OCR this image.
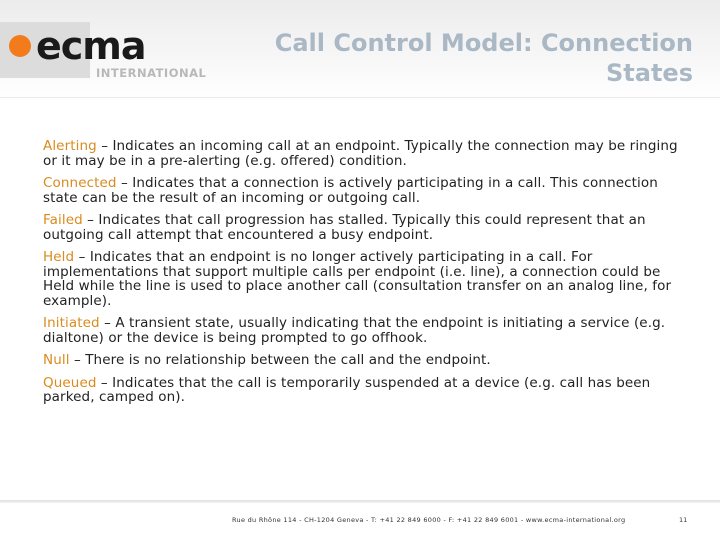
ecma
INTERNATIONAL
Call Control Model: Connection States

Alerting – Indicates an incoming call at an endpoint. Typically the connection may be ringing or it may be in a pre-alerting (e.g. offered) condition.

Connected – Indicates that a connection is actively participating in a call. This connection state can be the result of an incoming or outgoing call.

Failed – Indicates that call progression has stalled. Typically this could represent that an outgoing call attempt that encountered a busy endpoint.

Held – Indicates that an endpoint is no longer actively participating in a call. For implementations that support multiple calls per endpoint (i.e. line), a connection could be Held while the line is used to place another call (consultation transfer on an analog line, for example).

Initiated – A transient state, usually indicating that the endpoint is initiating a service (e.g. dialtone) or the device is being prompted to go offhook.

Null – There is no relationship between the call and the endpoint.

Queued – Indicates that the call is temporarily suspended at a device (e.g. call has been parked, camped on).

Rue du Rhône 114 - CH-1204 Geneva - T: +41 22 849 6000 - F: +41 22 849 6001 - www.ecma-international.org	11
